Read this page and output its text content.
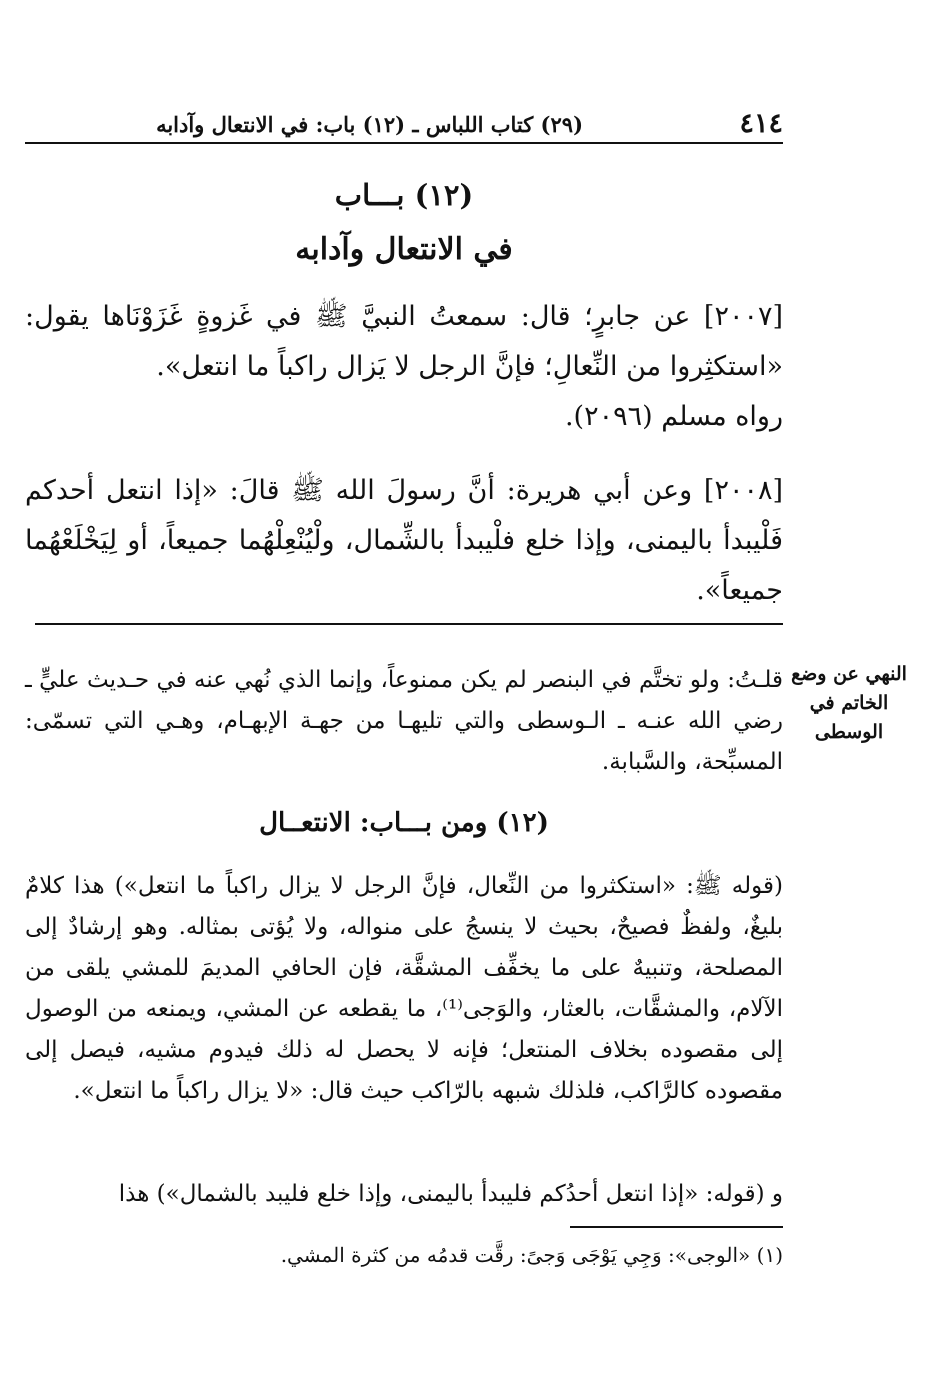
٤١٤
(٢٩) كتاب اللباس ـ (١٢) باب: في الانتعال وآدابه
(١٢) بـــاب
في الانتعال وآدابه
[٢٠٠٧] عن جابرٍ؛ قال: سمعتُ النبيَّ ﷺ في غَزوةٍ غَزَوْنَاها يقول: «استكثِروا من النِّعالِ؛ فإنَّ الرجل لا يَزال راكباً ما انتعل».
رواه مسلم (٢٠٩٦).
[٢٠٠٨] وعن أبي هريرة: أنَّ رسولَ الله ﷺ قالَ: «إذا انتعل أحدكم فَلْيبدأ باليمنى، وإذا خلع فلْيبدأ بالشِّمال، ولْيُنْعِلْهُما جميعاً، أو لِيَخْلَعْهُما جميعاً».
النهي عن وضع الخاتم في الوسطى
قلـتُ: ولو تختَّم في البنصر لم يكن ممنوعاً، وإنما الذي نُهي عنه في حـديث عليٍّ ـ رضي الله عنـه ـ الـوسطى والتي تليهـا من جهـة الإبهـام، وهـي التي تسمّى: المسبِّحة، والسَّبابة.
(١٢) ومن بـــاب: الانتعــال
(قوله ﷺ: «استكثروا من النِّعال، فإنَّ الرجل لا يزال راكباً ما انتعل») هذا كلامٌ بليغٌ، ولفظٌ فصيحٌ، بحيث لا ينسجُ على منواله، ولا يُؤتى بمثاله. وهو إرشادٌ إلى المصلحة، وتنبيهٌ على ما يخفِّف المشقَّة، فإن الحافي المديمَ للمشي يلقى من الآلام، والمشقَّات، بالعثار، والوَجى⁽¹⁾، ما يقطعه عن المشي، ويمنعه من الوصول إلى مقصوده بخلاف المنتعل؛ فإنه لا يحصل له ذلك فيدوم مشيه، فيصل إلى مقصوده كالرَّاكب، فلذلك شبهه بالرّاكب حيث قال: «لا يزال راكباً ما انتعل».
و (قوله: «إذا انتعل أحدُكم فليبدأ باليمنى، وإذا خلع فليبد بالشمال») هذا
(١) «الوجى»: وَجِي يَوْجَى وَجىً: رقَّت قدمُه من كثرة المشي.
